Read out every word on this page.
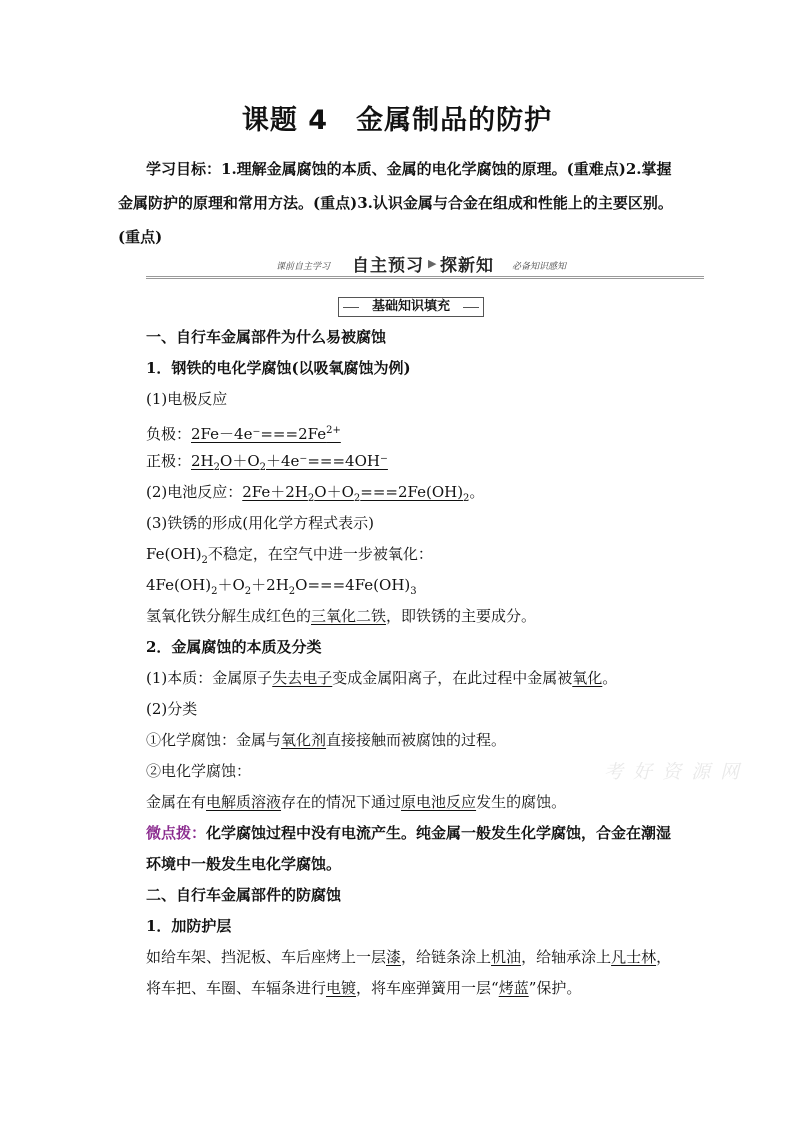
课题 4　金属制品的防护
学习目标：1.理解金属腐蚀的本质、金属的电化学腐蚀的原理。(重难点)2.掌握金属防护的原理和常用方法。(重点)3.认识金属与合金在组成和性能上的主要区别。(重点)
课前自主学习 自主预习 ▶ 探新知 必备知识感知
基础知识填充
考 好 资 源 网
一、自行车金属部件为什么易被腐蚀
1．钢铁的电化学腐蚀(以吸氧腐蚀为例)
(1)电极反应
负极：$2Fe-4e^-===2Fe^{2+}$
正极：$2H_2O+O_2+4e^-===4OH^-$
(2)电池反应：$2Fe+2H_2O+O_2===2Fe(OH)_2$。
(3)铁锈的形成(用化学方程式表示)
$Fe(OH)_2$不稳定，在空气中进一步被氧化：
$4Fe(OH)_2+O_2+2H_2O===4Fe(OH)_3$
氢氧化铁分解生成红色的三氧化二铁，即铁锈的主要成分。
2．金属腐蚀的本质及分类
(1)本质：金属原子失去电子变成金属阳离子，在此过程中金属被氧化。
(2)分类
①化学腐蚀：金属与氧化剂直接接触而被腐蚀的过程。
②电化学腐蚀：
金属在有电解质溶液存在的情况下通过原电池反应发生的腐蚀。
微点拨：化学腐蚀过程中没有电流产生。纯金属一般发生化学腐蚀，合金在潮湿环境中一般发生电化学腐蚀。
二、自行车金属部件的防腐蚀
1．加防护层
如给车架、挡泥板、车后座烤上一层漆，给链条涂上机油，给轴承涂上凡士林，将车把、车圈、车辐条进行电镀，将车座弹簧用一层“烤蓝”保护。
